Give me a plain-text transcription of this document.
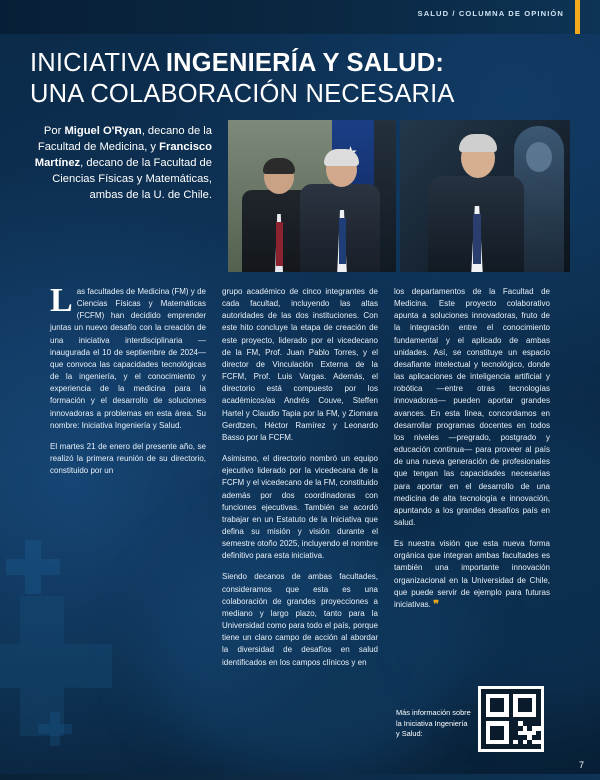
SALUD / COLUMNA DE OPINIÓN
INICIATIVA INGENIERÍA Y SALUD:
UNA COLABORACIÓN NECESARIA
Por Miguel O'Ryan, decano de la Facultad de Medicina, y Francisco Martínez, decano de la Facultad de Ciencias Físicas y Matemáticas, ambas de la U. de Chile.

Las facultades de Medicina (FM) y de Ciencias Físicas y Matemáticas (FCFM) han decidido emprender juntas un nuevo desafío con la creación de una iniciativa interdisciplinaria —inaugurada el 10 de septiembre de 2024— que convoca las capacidades tecnológicas de la ingeniería, y el conocimiento y experiencia de la medicina para la formación y el desarrollo de soluciones innovadoras a problemas en esta área. Su nombre: Iniciativa Ingeniería y Salud.

El martes 21 de enero del presente año, se realizó la primera reunión de su directorio, constituido por un

grupo académico de cinco integrantes de cada facultad, incluyendo las altas autoridades de las dos instituciones. Con este hito concluye la etapa de creación de este proyecto, liderado por el vicedecano de la FM, Prof. Juan Pablo Torres, y el director de Vinculación Externa de la FCFM, Prof. Luis Vargas. Además, el directorio está compuesto por los académicos/as Andrés Couve, Steffen Hartel y Claudio Tapia por la FM, y Ziomara Gerdtzen, Héctor Ramírez y Leonardo Basso por la FCFM.

Asimismo, el directorio nombró un equipo ejecutivo liderado por la vicedecana de la FCFM y el vicedecano de la FM, constituido además por dos coordinadoras con funciones ejecutivas. También se acordó trabajar en un Estatuto de la Iniciativa que defina su misión y visión durante el semestre otoño 2025, incluyendo el nombre definitivo para esta iniciativa.

Siendo decanos de ambas facultades, consideramos que esta es una colaboración de grandes proyecciones a mediano y largo plazo, tanto para la Universidad como para todo el país, porque tiene un claro campo de acción al abordar la diversidad de desafíos en salud identificados en los campos clínicos y en

los departamentos de la Facultad de Medicina. Este proyecto colaborativo apunta a soluciones innovadoras, fruto de la integración entre el conocimiento fundamental y el aplicado de ambas unidades. Así, se constituye un espacio desafiante intelectual y tecnológico, donde las aplicaciones de inteligencia artificial y robótica —entre otras tecnologías innovadoras— pueden aportar grandes avances. En esta línea, concordamos en desarrollar programas docentes en todos los niveles —pregrado, postgrado y educación continua— para proveer al país de una nueva generación de profesionales que tengan las capacidades necesarias para aportar en el desarrollo de una medicina de alta tecnología e innovación, apuntando a los grandes desafíos país en salud.

Es nuestra visión que esta nueva forma orgánica que integran ambas facultades es también una importante innovación organizacional en la Universidad de Chile, que puede servir de ejemplo para futuras iniciativas. ❞

Más información sobre la Iniciativa Ingeniería y Salud:
7
